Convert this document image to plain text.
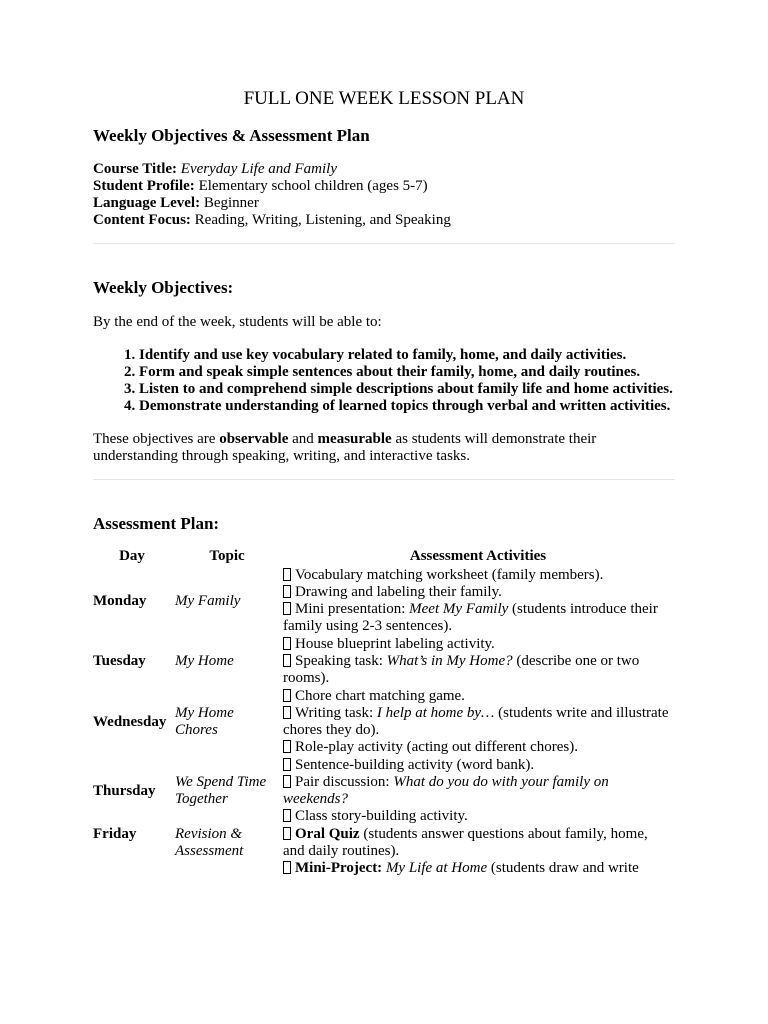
FULL ONE WEEK LESSON PLAN
Weekly Objectives & Assessment Plan

Course Title: Everyday Life and Family

Student Profile: Elementary school children (ages 5-7)

Language Level: Beginner

Content Focus: Reading, Writing, Listening, and Speaking

Weekly Objectives:

By the end of the week, students will be able to:

1. Identify and use key vocabulary related to family, home, and daily activities.
2. Form and speak simple sentences about their family, home, and daily routines.
3. Listen to and comprehend simple descriptions about family life and home activities.
4. Demonstrate understanding of learned topics through verbal and written activities.

These objectives are observable and measurable as students will demonstrate their understanding through speaking, writing, and interactive tasks.

Assessment Plan:
Day	Topic	Assessment Activities
Monday	My Family	Vocabulary matching worksheet (family members).
Drawing and labeling their family.
Mini presentation: Meet My Family (students introduce their family using 2-3 sentences).

Tuesday	My Home	House blueprint labeling activity.
Speaking task: What’s in My Home? (describe one or two rooms).

Wednesday	My Home Chores	Chore chart matching game.
Writing task: I help at home by… (students write and illustrate chores they do).
Role-play activity (acting out different chores).

Thursday	We Spend Time Together	Sentence-building activity (word bank).
Pair discussion: What do you do with your family on weekends?
Class story-building activity.

Friday	Revision & Assessment	Oral Quiz (students answer questions about family, home, and daily routines).
Mini-Project: My Life at Home (students draw and write
